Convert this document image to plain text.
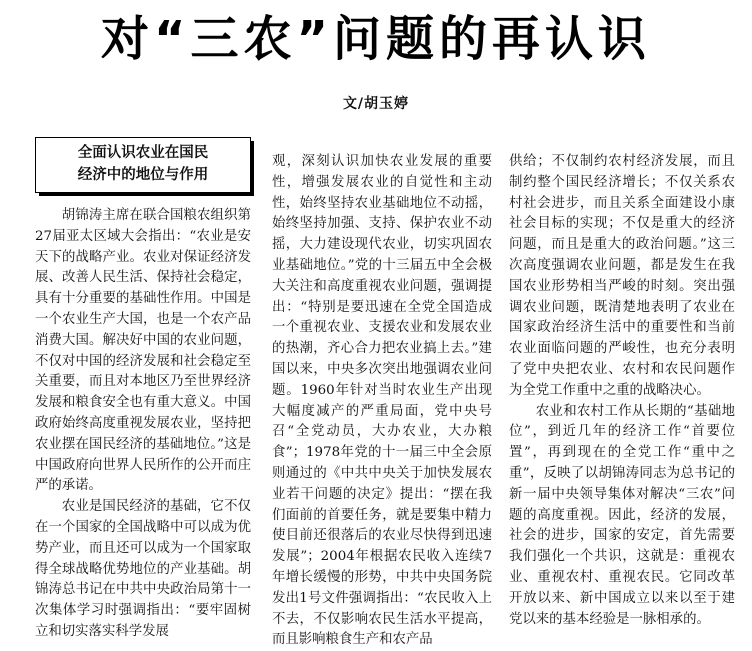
对“三农”问题的再认识
文/胡玉婷
全面认识农业在国民
经济中的地位与作用

胡锦涛主席在联合国粮农组织第27届亚太区域大会指出：“农业是安天下的战略产业。农业对保证经济发展、改善人民生活、保持社会稳定，具有十分重要的基础性作用。中国是一个农业生产大国，也是一个农产品消费大国。解决好中国的农业问题，不仅对中国的经济发展和社会稳定至关重要，而且对本地区乃至世界经济发展和粮食安全也有重大意义。中国政府始终高度重视发展农业，坚持把农业摆在国民经济的基础地位。”这是中国政府向世界人民所作的公开而庄严的承诺。

农业是国民经济的基础，它不仅在一个国家的全国战略中可以成为优势产业，而且还可以成为一个国家取得全球战略优势地位的产业基础。胡锦涛总书记在中共中央政治局第十一次集体学习时强调指出：“要牢固树立和切实落实科学发展

观，深刻认识加快农业发展的重要性，增强发展农业的自觉性和主动性，始终坚持农业基础地位不动摇，始终坚持加强、支持、保护农业不动摇，大力建设现代农业，切实巩固农业基础地位。”党的十三届五中全会极大关注和高度重视农业问题，强调提出：“特别是要迅速在全党全国造成一个重视农业、支援农业和发展农业的热潮，齐心合力把农业搞上去。”建国以来，中央多次突出地强调农业问题。1960年针对当时农业生产出现大幅度减产的严重局面，党中央号召“全党动员，大办农业，大办粮食”；1978年党的十一届三中全会原则通过的《中共中央关于加快发展农业若干问题的决定》提出：“摆在我们面前的首要任务，就是要集中精力使目前还很落后的农业尽快得到迅速发展”；2004年根据农民收入连续7年增长缓慢的形势，中共中央国务院发出1号文件强调指出：“农民收入上不去，不仅影响农民生活水平提高，而且影响粮食生产和农产品

供给；不仅制约农村经济发展，而且制约整个国民经济增长；不仅关系农村社会进步，而且关系全面建设小康社会目标的实现；不仅是重大的经济问题，而且是重大的政治问题。”这三次高度强调农业问题，都是发生在我国农业形势相当严峻的时刻。突出强调农业问题，既清楚地表明了农业在国家政治经济生活中的重要性和当前农业面临问题的严峻性，也充分表明了党中央把农业、农村和农民问题作为全党工作重中之重的战略决心。

农业和农村工作从长期的“基础地位”，到近几年的经济工作“首要位置”，再到现在的全党工作“重中之重”，反映了以胡锦涛同志为总书记的新一届中央领导集体对解决“三农”问题的高度重视。因此，经济的发展，社会的进步，国家的安定，首先需要我们强化一个共识，这就是：重视农业、重视农村、重视农民。它同改革开放以来、新中国成立以来以至于建党以来的基本经验是一脉相承的。
